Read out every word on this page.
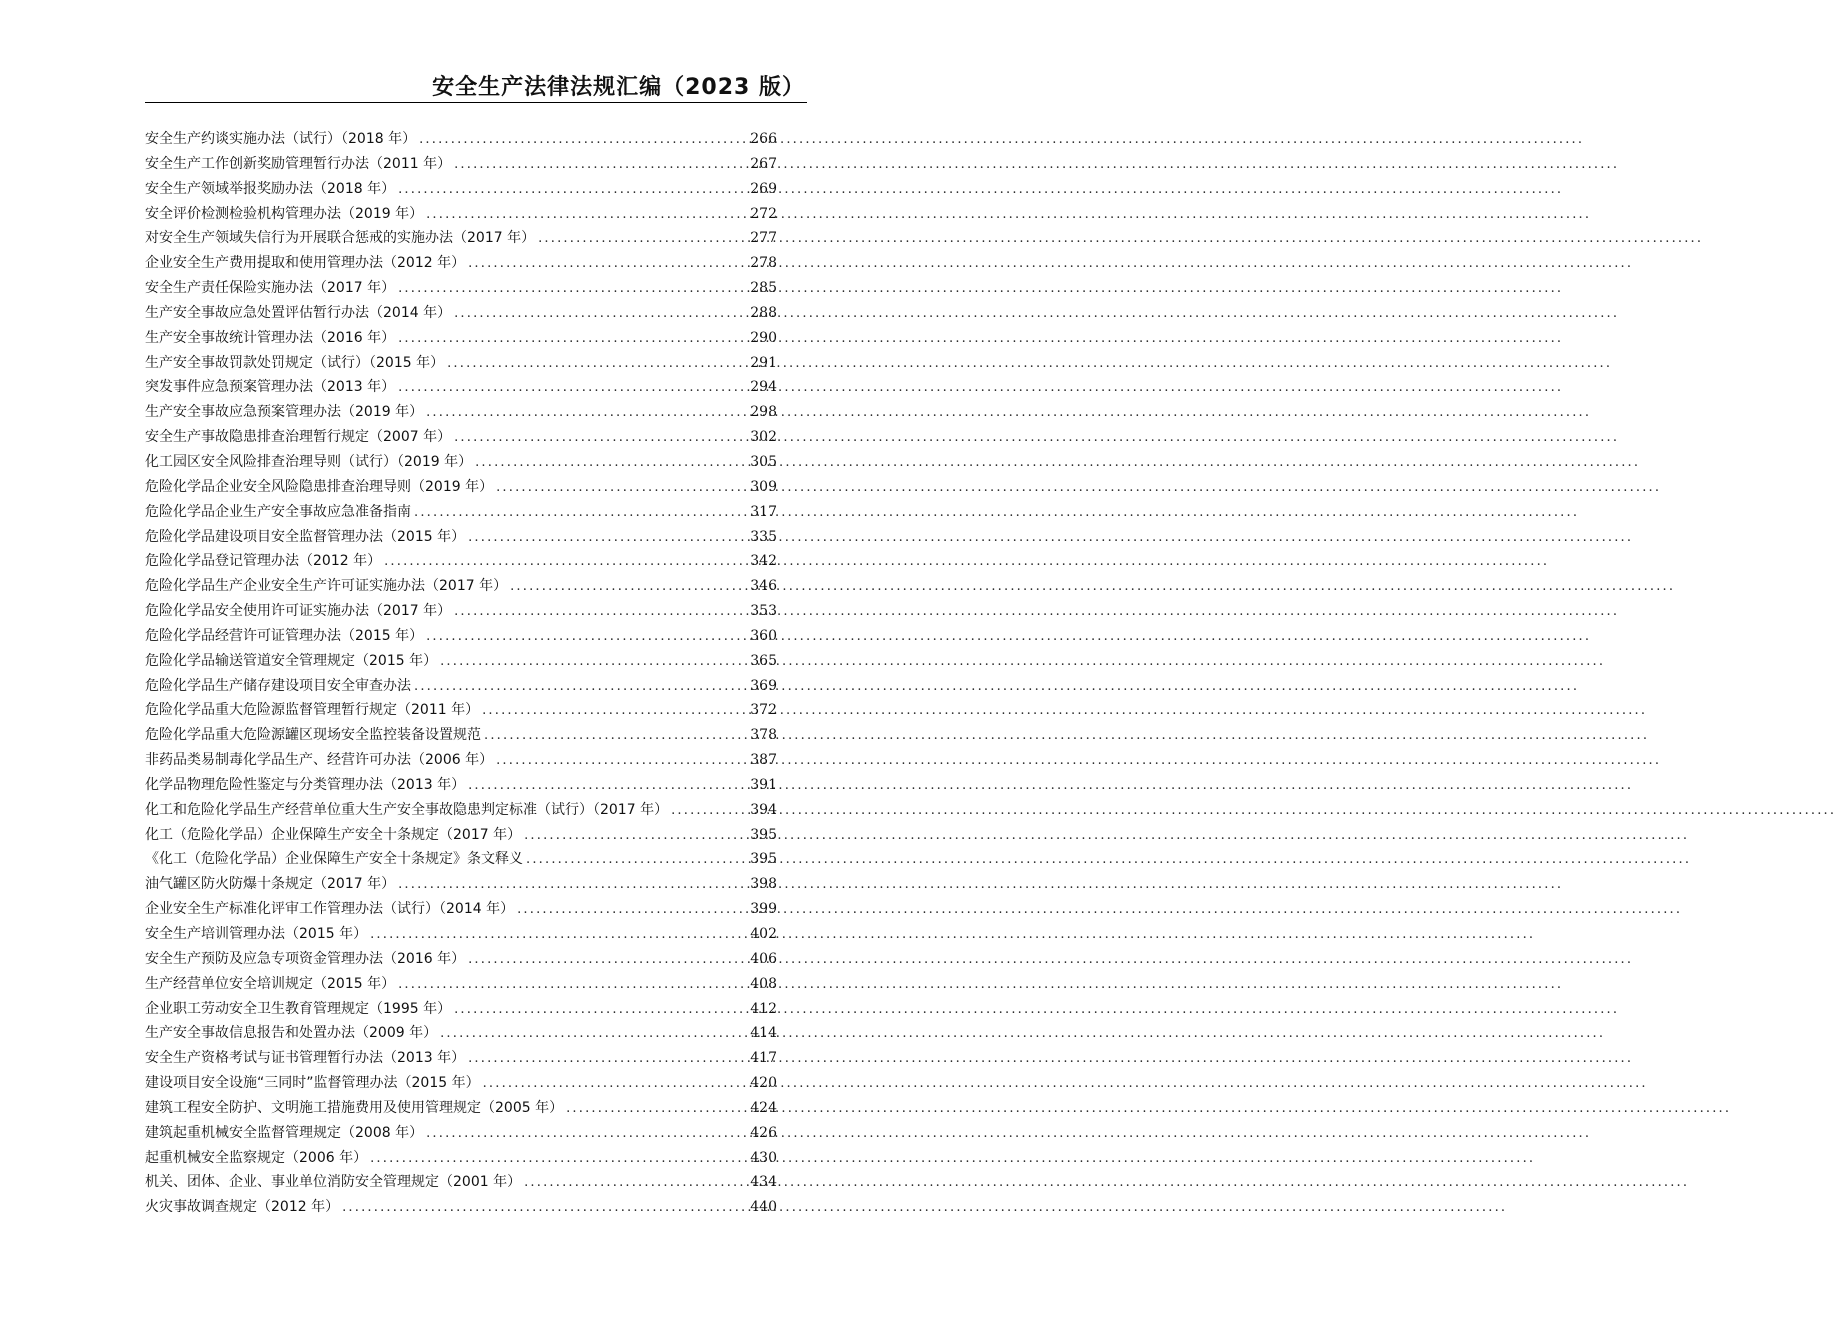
安全生产法律法规汇编（2023 版）
安全生产约谈实施办法（试行）（2018 年） .....	266
安全生产工作创新奖励管理暂行办法（2011 年） .....	267
安全生产领域举报奖励办法（2018 年） .....	269
安全评价检测检验机构管理办法（2019 年） .....	272
对安全生产领域失信行为开展联合惩戒的实施办法（2017 年） .....	277
企业安全生产费用提取和使用管理办法（2012 年） .....	278
安全生产责任保险实施办法（2017 年） .....	285
生产安全事故应急处置评估暂行办法（2014 年） .....	288
生产安全事故统计管理办法（2016 年） .....	290
生产安全事故罚款处罚规定（试行）（2015 年） .....	291
突发事件应急预案管理办法（2013 年） .....	294
生产安全事故应急预案管理办法（2019 年） .....	298
安全生产事故隐患排查治理暂行规定（2007 年） .....	302
化工园区安全风险排查治理导则（试行）（2019 年） .....	305
危险化学品企业安全风险隐患排查治理导则（2019 年） .....	309
危险化学品企业生产安全事故应急准备指南 .....	317
危险化学品建设项目安全监督管理办法（2015 年） .....	335
危险化学品登记管理办法（2012 年） .....	342
危险化学品生产企业安全生产许可证实施办法（2017 年） .....	346
危险化学品安全使用许可证实施办法（2017 年） .....	353
危险化学品经营许可证管理办法（2015 年） .....	360
危险化学品输送管道安全管理规定（2015 年） .....	365
危险化学品生产储存建设项目安全审查办法 .....	369
危险化学品重大危险源监督管理暂行规定（2011 年） .....	372
危险化学品重大危险源罐区现场安全监控装备设置规范 .....	378
非药品类易制毒化学品生产、经营许可办法（2006 年） .....	387
化学品物理危险性鉴定与分类管理办法（2013 年） .....	391
化工和危险化学品生产经营单位重大生产安全事故隐患判定标准（试行）（2017 年） .....	394
化工（危险化学品）企业保障生产安全十条规定（2017 年） .....	395
《化工（危险化学品）企业保障生产安全十条规定》条文释义 .....	395
油气罐区防火防爆十条规定（2017 年） .....	398
企业安全生产标准化评审工作管理办法（试行）（2014 年） .....	399
安全生产培训管理办法（2015 年） .....	402
安全生产预防及应急专项资金管理办法（2016 年） .....	406
生产经营单位安全培训规定（2015 年） .....	408
企业职工劳动安全卫生教育管理规定（1995 年） .....	412
生产安全事故信息报告和处置办法（2009 年） .....	414
安全生产资格考试与证书管理暂行办法（2013 年） .....	417
建设项目安全设施“三同时”监督管理办法（2015 年） .....	420
建筑工程安全防护、文明施工措施费用及使用管理规定（2005 年） .....	424
建筑起重机械安全监督管理规定（2008 年） .....	426
起重机械安全监察规定（2006 年） .....	430
机关、团体、企业、事业单位消防安全管理规定（2001 年） .....	434
火灾事故调查规定（2012 年） .....	440
